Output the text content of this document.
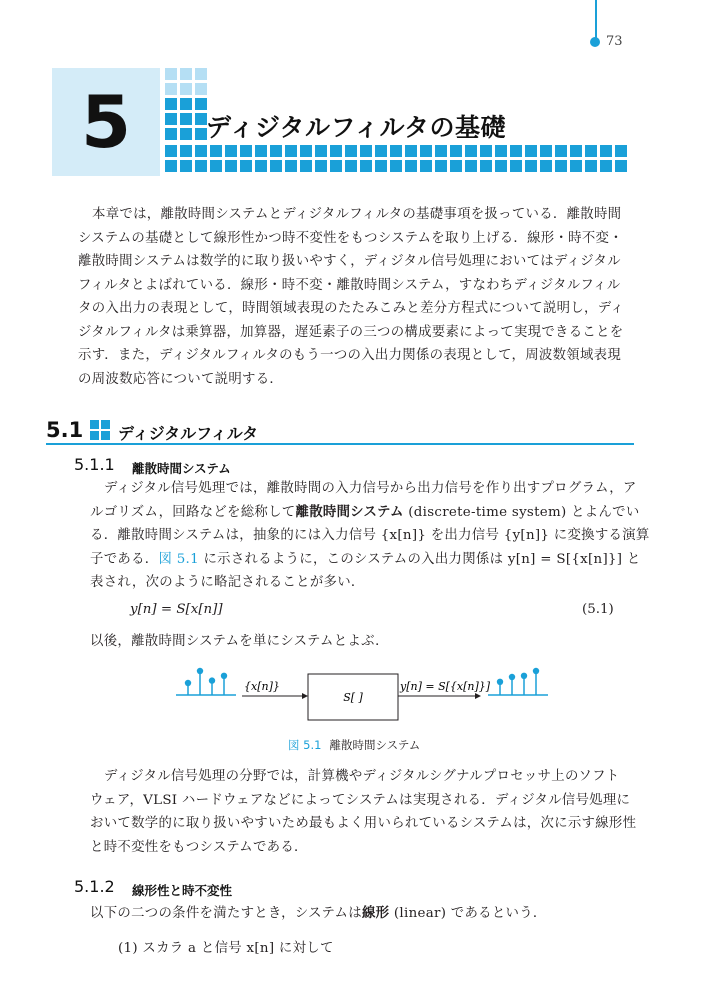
73
5	ディジタルフィルタの基礎
本章では，離散時間システムとディジタルフィルタの基礎事項を扱っている．離散時間
システムの基礎として線形性かつ時不変性をもつシステムを取り上げる．線形・時不変・
離散時間システムは数学的に取り扱いやすく，ディジタル信号処理においてはディジタル
フィルタとよばれている．線形・時不変・離散時間システム，すなわちディジタルフィル
タの入出力の表現として，時間領域表現のたたみこみと差分方程式について説明し，ディ
ジタルフィルタは乗算器，加算器，遅延素子の三つの構成要素によって実現できることを
示す．また，ディジタルフィルタのもう一つの入出力関係の表現として，周波数領域表現
の周波数応答について説明する．
5.1 ディジタルフィルタ
5.1.1 離散時間システム
ディジタル信号処理では，離散時間の入力信号から出力信号を作り出すプログラム，ア
ルゴリズム，回路などを総称して離散時間システム (discrete-time system) とよんでい
る．離散時間システムは，抽象的には入力信号 {x[n]} を出力信号 {y[n]} に変換する演算
子である．図 5.1 に示されるように，このシステムの入出力関係は y[n] = S[{x[n]}] と
表され，次のように略記されることが多い．
y[n] = S[x[n]]	(5.1)
以後，離散時間システムを単にシステムとよぶ．
{x[n]}
S[ ]
y[n] = S[{x[n]}]
図 5.1 離散時間システム
ディジタル信号処理の分野では，計算機やディジタルシグナルプロセッサ上のソフト
ウェア，VLSI ハードウェアなどによってシステムは実現される．ディジタル信号処理に
おいて数学的に取り扱いやすいため最もよく用いられているシステムは，次に示す線形性
と時不変性をもつシステムである．
5.1.2 線形性と時不変性
以下の二つの条件を満たすとき，システムは線形 (linear) であるという．
(1) スカラ a と信号 x[n] に対して
